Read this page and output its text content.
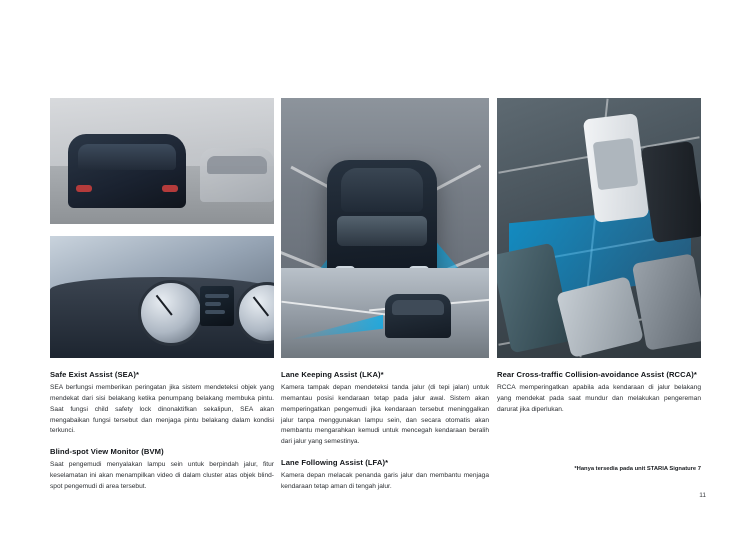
Safe Exist Assist (SEA)*

SEA berfungsi memberikan peringatan jika sistem mendeteksi objek yang mendekat dari sisi belakang ketika penumpang belakang membuka pintu. Saat fungsi child safety lock dinonaktifkan sekalipun, SEA akan mengabaikan fungsi tersebut dan menjaga pintu belakang dalam kondisi terkunci.

Blind-spot View Monitor (BVM)

Saat pengemudi menyalakan lampu sein untuk berpindah jalur, fitur keselamatan ini akan menampilkan video di dalam cluster atas objek blind-spot pengemudi di area tersebut.

Lane Keeping Assist (LKA)*

Kamera tampak depan mendeteksi tanda jalur (di tepi jalan) untuk memantau posisi kendaraan tetap pada jalur awal. Sistem akan memperingatkan pengemudi jika kendaraan tersebut meninggalkan jalur tanpa menggunakan lampu sein, dan secara otomatis akan membantu mengarahkan kemudi untuk mencegah kendaraan beralih dari jalur yang semestinya.

Lane Following Assist (LFA)*

Kamera depan melacak penanda garis jalur dan membantu menjaga kendaraan tetap aman di tengah jalur.

Rear Cross-traffic Collision-avoidance Assist (RCCA)*

RCCA memperingatkan apabila ada kendaraan di jalur belakang yang mendekat pada saat mundur dan melakukan pengereman darurat jika diperlukan.

*Hanya tersedia pada unit STARIA Signature 7
11
